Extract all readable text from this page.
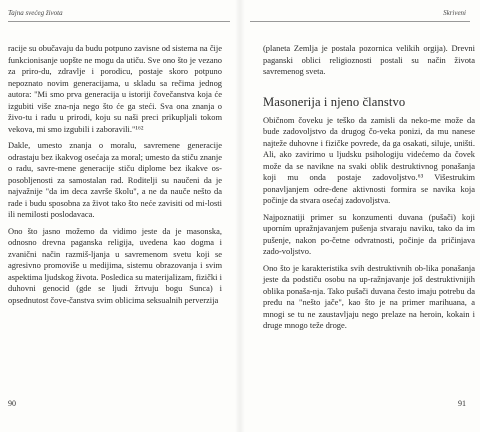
Tajna svećeg života

racije su obučavaju da budu potpuno zavisne od sistema na čije funkcionisanje uopšte ne mogu da utiču. Sve ono što je vezano za priro-du, zdravlje i porodicu, postaje skoro potpuno nepoznato novim generacijama, u skladu sa rečima jednog autora: "Mi smo prva generacija u istoriji čovečanstva koja će izgubiti više zna-nja nego što će ga steći. Sva ona znanja o živo-tu i radu u prirodi, koju su naši preci prikupljali tokom vekova, mi smo izgubili i zaboravili."¹⁶²

Dakle, umesto znanja o moralu, savremene generacije odrastaju bez ikakvog osećaja za moral; umesto da stiču znanje o radu, savre-mene generacije stiču diplome bez ikakve os-posobljenosti za samostalan rad. Roditelji su naučeni da je najvažnije "da im deca završe školu", a ne da nauče nešto da rade i budu sposobna za život tako što neće zavisiti od mi-losti ili nemilosti poslodavaca.

Ono što jasno možemo da vidimo jeste da je masonska, odnosno drevna paganska religija, uvedena kao dogma i zvanični način razmiš-ljanja u savremenom svetu koji se agresivno promoviše u medijima, sistemu obrazovanja i svim aspektima ljudskog života. Posledica su materijalizam, fizički i duhovni genocid (gde se ljudi žrtvuju bogu Sunca) i opsednutost čove-čanstva svim oblicima seksualnih perverzija

90
Skriveni

(planeta Zemlja je postala pozornica velikih orgija). Drevni paganski oblici religioznosti postali su način života savremenog sveta.

Masonerija i njeno članstvo

Običnom čoveku je teško da zamisli da neko-me može da bude zadovoljstvo da drugog čo-veka ponizi, da mu nanese najteže duhovne i fizičke povrede, da ga osakati, siluje, uništi. Ali, ako zavirimo u ljudsku psihologiju videćemo da čovek može da se navikne na svaki oblik destruktivnog ponašanja koji mu onda postaje zadovoljstvo.⁶³ Višestrukim ponavljanjem odre-đene aktivnosti formira se navika koja počinje da stvara osećaj zadovoljstva.

Najpoznatiji primer su konzumenti duvana (pušači) koji uporním upražnjavanjem pušenja stvaraju naviku, tako da im pušenje, nakon po-četne odvratnosti, počinje da pričinjava zado-voljstvo.

Ono što je karakteristika svih destruktivnih ob-lika ponašanja jeste da podstiču osobu na up-ražnjavanje još destruktivnijih oblika ponaša-nja. Tako pušači duvana često imaju potrebu da pređu na "nešto jače", kao što je na primer marihuana, a mnogi se tu ne zaustavljaju nego prelaze na heroin, kokain i druge mnogo teže droge.

91
